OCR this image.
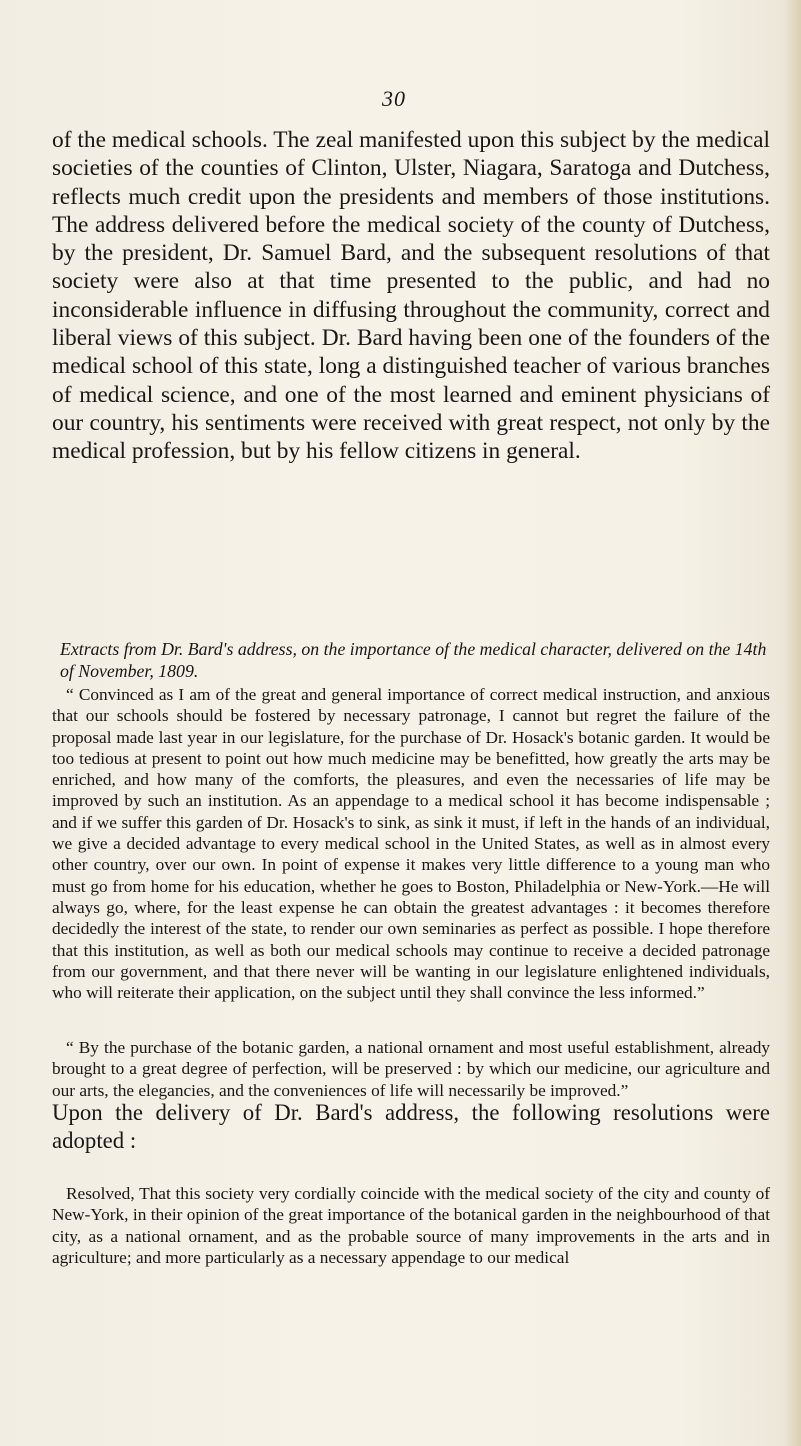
30

of the medical schools. The zeal manifested upon this subject by the medical societies of the counties of Clinton, Ulster, Niagara, Saratoga and Dutchess, reflects much credit upon the presidents and members of those institutions. The address delivered before the medical society of the county of Dutchess, by the president, Dr. Samuel Bard, and the subsequent resolutions of that society were also at that time presented to the public, and had no inconsiderable influence in diffusing throughout the community, correct and liberal views of this subject. Dr. Bard having been one of the founders of the medical school of this state, long a distinguished teacher of various branches of medical science, and one of the most learned and eminent physicians of our country, his sentiments were received with great respect, not only by the medical profession, but by his fellow citizens in general.

Extracts from Dr. Bard's address, on the importance of the medical character, delivered on the 14th of November, 1809.

“ Convinced as I am of the great and general importance of correct medical instruction, and anxious that our schools should be fostered by necessary patronage, I cannot but regret the failure of the proposal made last year in our legislature, for the purchase of Dr. Hosack's botanic garden. It would be too tedious at present to point out how much medicine may be benefitted, how greatly the arts may be enriched, and how many of the comforts, the pleasures, and even the necessaries of life may be improved by such an institution. As an appendage to a medical school it has become indispensable ; and if we suffer this garden of Dr. Hosack's to sink, as sink it must, if left in the hands of an individual, we give a decided advantage to every medical school in the United States, as well as in almost every other country, over our own. In point of expense it makes very little difference to a young man who must go from home for his education, whether he goes to Boston, Philadelphia or New-York.—He will always go, where, for the least expense he can obtain the greatest advantages : it becomes therefore decidedly the interest of the state, to render our own seminaries as perfect as possible. I hope therefore that this institution, as well as both our medical schools may continue to receive a decided patronage from our government, and that there never will be wanting in our legislature enlightened individuals, who will reiterate their application, on the subject until they shall convince the less informed.”

“ By the purchase of the botanic garden, a national ornament and most useful establishment, already brought to a great degree of perfection, will be preserved : by which our medicine, our agriculture and our arts, the elegancies, and the conveniences of life will necessarily be improved.”

Upon the delivery of Dr. Bard's address, the following resolutions were adopted :

Resolved, That this society very cordially coincide with the medical society of the city and county of New-York, in their opinion of the great importance of the botanical garden in the neighbourhood of that city, as a national ornament, and as the probable source of many improvements in the arts and in agriculture; and more particularly as a necessary appendage to our medical
